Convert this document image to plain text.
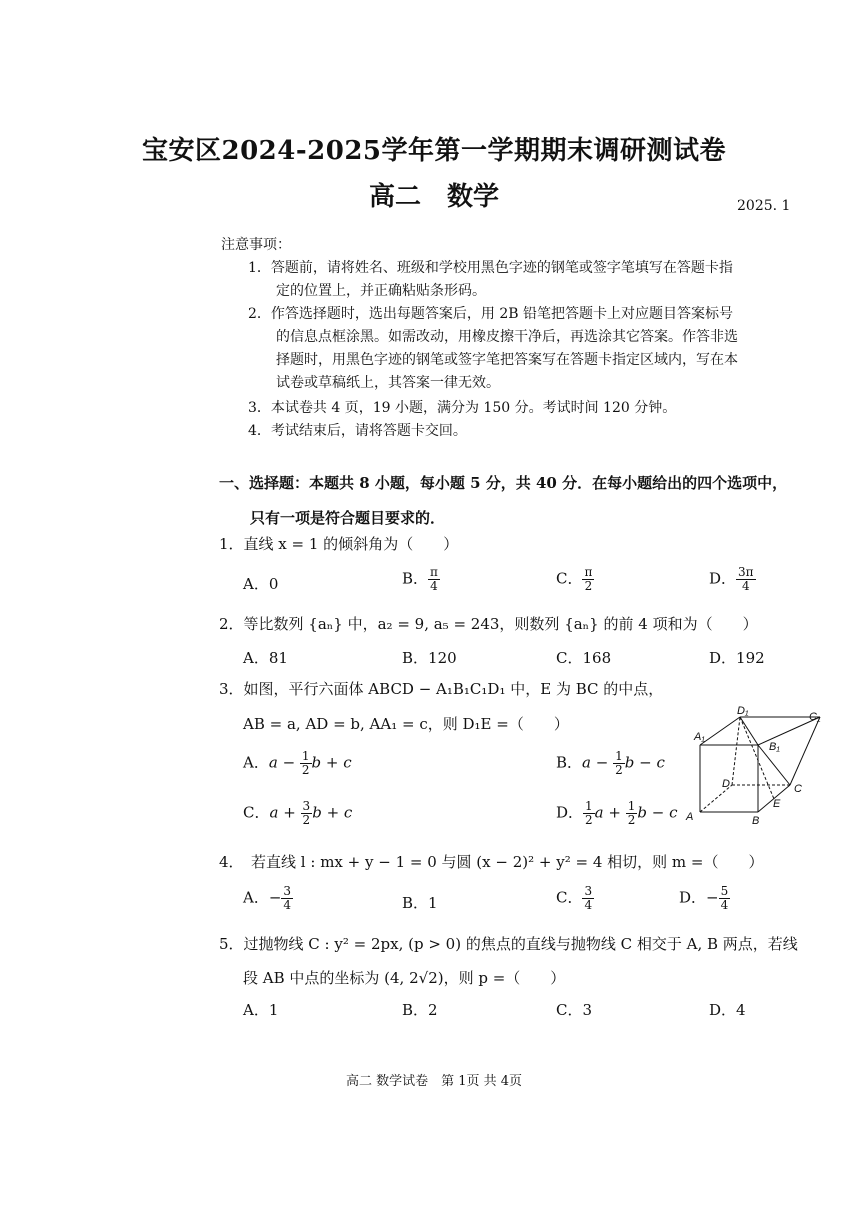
宝安区2024-2025学年第一学期期末调研测试卷
高二　数学	2025. 1
注意事项：
1．答题前，请将姓名、班级和学校用黑色字迹的钢笔或签字笔填写在答题卡指
　　定的位置上，并正确粘贴条形码。
2．作答选择题时，选出每题答案后，用 2B 铅笔把答题卡上对应题目答案标号
　　的信息点框涂黑。如需改动，用橡皮擦干净后，再选涂其它答案。作答非选
　　择题时，用黑色字迹的钢笔或签字笔把答案写在答题卡指定区域内，写在本
　　试卷或草稿纸上，其答案一律无效。
3．本试卷共 4 页，19 小题，满分为 150 分。考试时间 120 分钟。
4．考试结束后，请将答题卡交回。
一、选择题：本题共 8 小题，每小题 5 分，共 40 分．在每小题给出的四个选项中，
只有一项是符合题目要求的．
1．直线 x = 1 的倾斜角为（　　）
A．0	B． $\frac{\pi}{4}$	C． $\frac{\pi}{2}$	D． $\frac{3\pi}{4}$
2．等比数列 {aₙ} 中，a₂ = 9, a₅ = 243，则数列 {aₙ} 的前 4 项和为（　　）
A．81	B．120	C．168	D．192
3．如图，平行六面体 ABCD − A₁B₁C₁D₁ 中，E 为 BC 的中点，
AB = a, AD = b, AA₁ = c，则 D₁E =（　　）
A．$a - \frac{1}{2}$ b + c	B．$a - \frac{1}{2}$ b − c
C．$a + \frac{3}{2}$ b + c	D． $\frac{1}{2}$ $a + \frac{1}{2}$ b − c
D₁	C₁
A₁
B₁
D	C
E
A	B
4．　若直线 l : mx + y − 1 = 0 与圆 (x − 2)² + y² = 4 相切，则 m =（　　）
A．− $\frac{3}{4}$	B．1	C． $\frac{3}{4}$	D．− $\frac{5}{4}$
5．过抛物线 C : y² = 2px, (p > 0) 的焦点的直线与抛物线 C 相交于 A, B 两点，若线
段 AB 中点的坐标为 (4, 2√2)，则 p =（　　）
A．1	B．2	C．3	D．4
高二 数学试卷　第 1页 共 4页
